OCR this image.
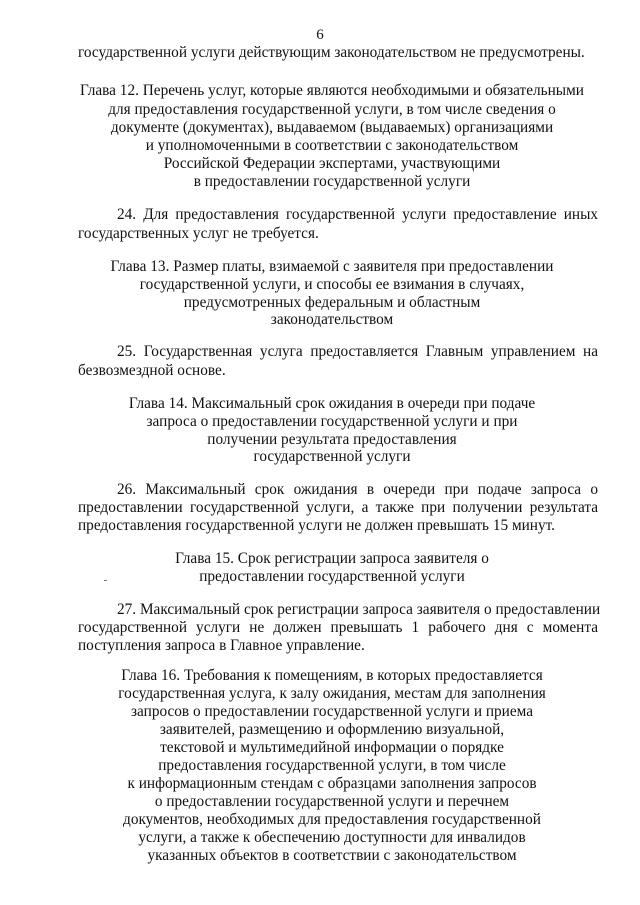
6
государственной услуги действующим законодательством не предусмотрены.
Глава 12. Перечень услуг, которые являются необходимыми и обязательными
для предоставления государственной услуги, в том числе сведения о
документе (документах), выдаваемом (выдаваемых) организациями
и уполномоченными в соответствии с законодательством
Российской Федерации экспертами, участвующими
в предоставлении государственной услуги
24. Для предоставления государственной услуги предоставление иных
государственных услуг не требуется.
Глава 13. Размер платы, взимаемой с заявителя при предоставлении
государственной услуги, и способы ее взимания в случаях,
предусмотренных федеральным и областным
законодательством
25. Государственная услуга предоставляется Главным управлением на
безвозмездной основе.
Глава 14. Максимальный срок ожидания в очереди при подаче
запроса о предоставлении государственной услуги и при
получении результата предоставления
государственной услуги
26. Максимальный срок ожидания в очереди при подаче запроса о
предоставлении государственной услуги, а также при получении результата
предоставления государственной услуги не должен превышать 15 минут.
Глава 15. Срок регистрации запроса заявителя о
предоставлении государственной услуги
27. Максимальный срок регистрации запроса заявителя о предоставлении
государственной услуги не должен превышать 1 рабочего дня с момента
поступления запроса в Главное управление.
Глава 16. Требования к помещениям, в которых предоставляется
государственная услуга, к залу ожидания, местам для заполнения
запросов о предоставлении государственной услуги и приема
заявителей, размещению и оформлению визуальной,
текстовой и мультимедийной информации о порядке
предоставления государственной услуги, в том числе
к информационным стендам с образцами заполнения запросов
о предоставлении государственной услуги и перечнем
документов, необходимых для предоставления государственной
услуги, а также к обеспечению доступности для инвалидов
указанных объектов в соответствии с законодательством
